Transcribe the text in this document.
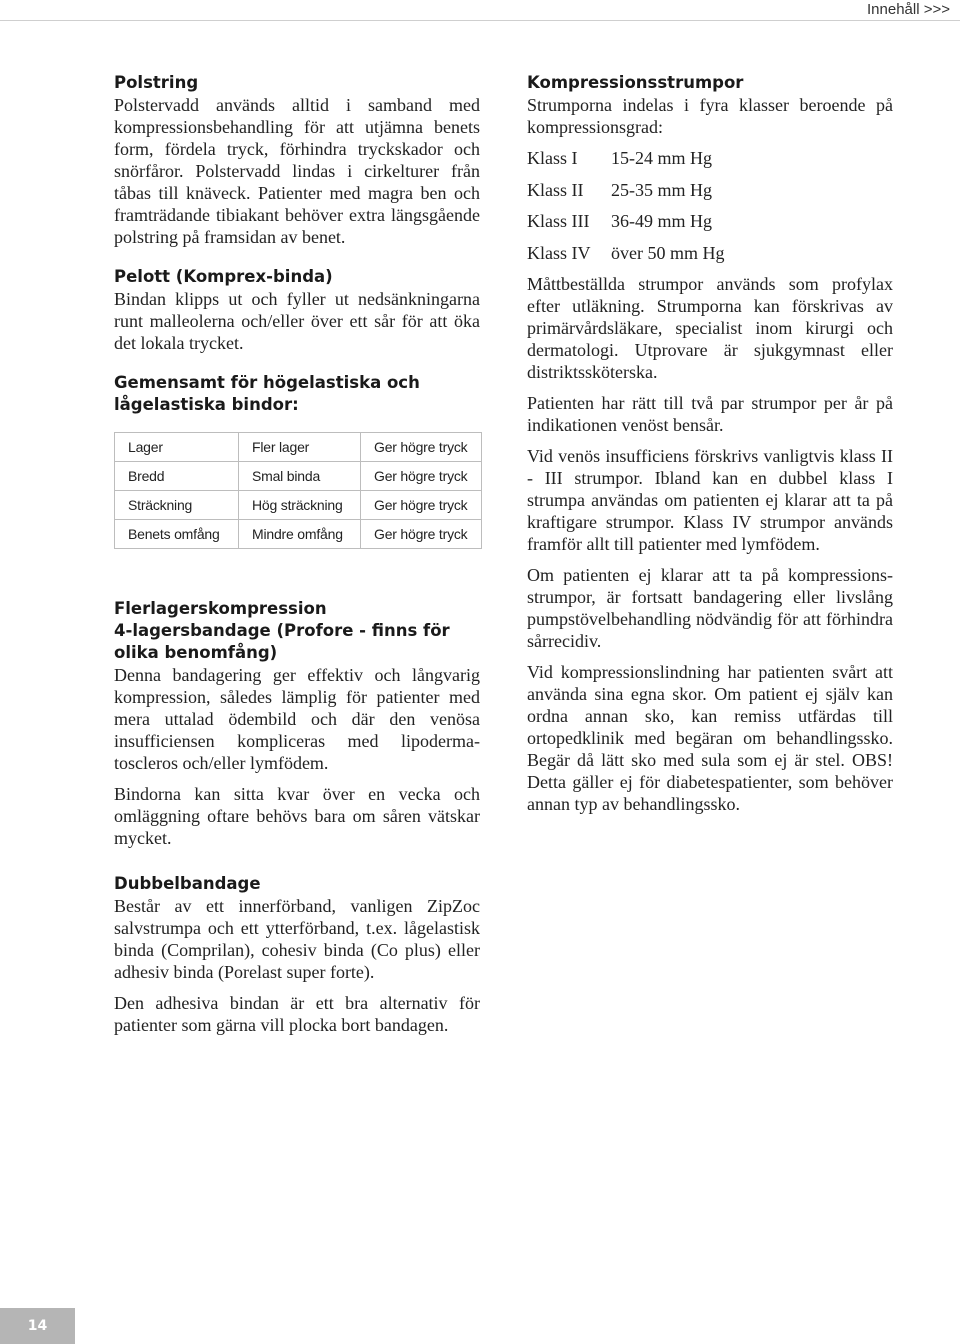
Innehåll >>>
Polstring

Polstervadd används alltid i samband med kompressionsbehandling för att utjämna benets form, fördela tryck, förhindra tryckskador och snörfåror. Polstervadd lindas i cirkelturer från tåbas till knäveck. Patienter med magra ben och framträdande tibiakant behöver extra längsgående polstring på framsidan av benet.

Pelott (Komprex-binda)

Bindan klipps ut och fyller ut nedsänkningarna runt malleolerna och/eller över ett sår för att öka det lokala trycket.

Gemensamt för högelastiska och
lågelastiska bindor:
Lager	Fler lager	Ger högre tryck
Bredd	Smal binda	Ger högre tryck
Sträckning	Hög sträckning	Ger högre tryck
Benets omfång	Mindre omfång	Ger högre tryck
Flerlagerskompression
4-lagersbandage (Profore - finns för
olika benomfång)

Denna bandagering ger effektiv och långvarig kompression, således lämplig för patienter med mera uttalad ödembild och där den venösa insufficiensen kompliceras med lipodermatoscleros och/eller lymfödem.

Bindorna kan sitta kvar över en vecka och omläggning oftare behövs bara om såren vätskar mycket.

Dubbelbandage

Består av ett innerförband, vanligen ZipZoc salvstrumpa och ett ytterförband, t.ex. lågelastisk binda (Comprilan), cohesiv binda (Co plus) eller adhesiv binda (Porelast super forte).

Den adhesiva bindan är ett bra alternativ för patienter som gärna vill plocka bort bandagen.

Kompressionsstrumpor

Strumporna indelas i fyra klasser beroende på kompressionsgrad:

Klass I	15-24 mm Hg
Klass II	25-35 mm Hg
Klass III	36-49 mm Hg
Klass IV	över 50 mm Hg

Måttbeställda strumpor används som profylax efter utläkning. Strumporna kan förskrivas av primärvårdsläkare, specialist inom kirurgi och dermatologi. Utprovare är sjukgymnast eller distriktssköterska.

Patienten har rätt till två par strumpor per år på indikationen venöst bensår.

Vid venös insufficiens förskrivs vanligtvis klass II - III strumpor. Ibland kan en dubbel klass I strumpa användas om patienten ej klarar att ta på kraftigare strumpor. Klass IV strumpor används framför allt till patienter med lymfödem.

Om patienten ej klarar att ta på kompressionsstrumpor, är fortsatt bandagering eller livslång pumpstövelbehandling nödvändig för att förhindra sårrecidiv.

Vid kompressionslindning har patienten svårt att använda sina egna skor. Om patient ej själv kan ordna annan sko, kan remiss utfärdas till ortopedklinik med begäran om behandlingssko. Begär då lätt sko med sula som ej är stel. OBS! Detta gäller ej för diabetespatienter, som behöver annan typ av behandlingssko.

14
